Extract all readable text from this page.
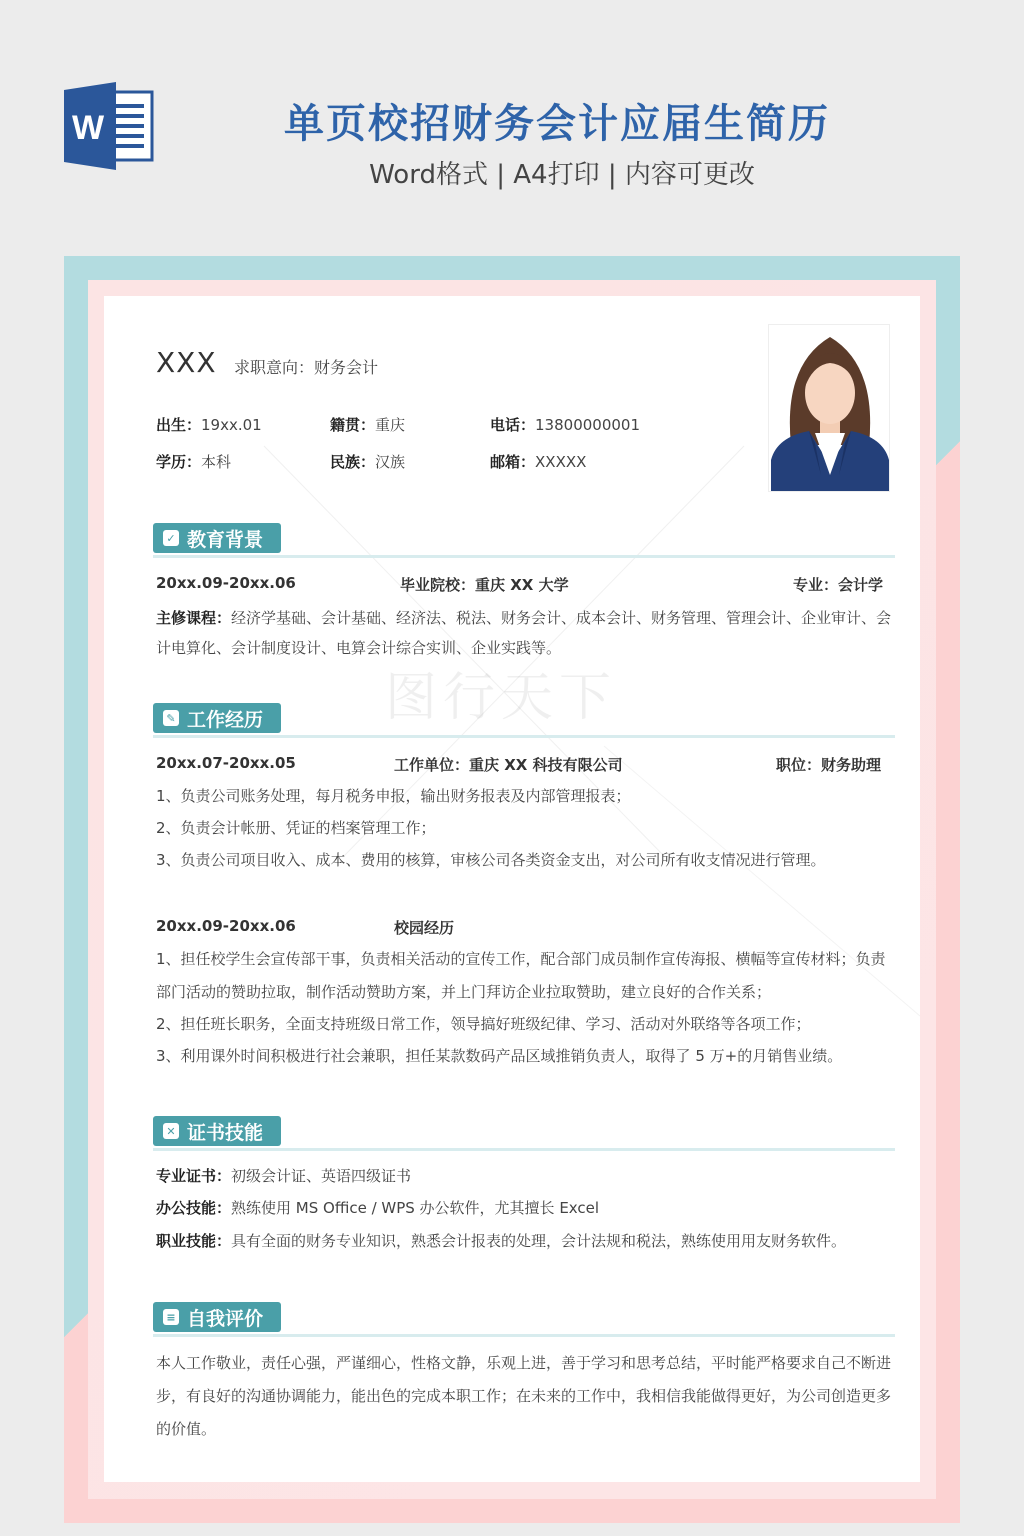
W	单页校招财务会计应届生简历
Word格式 | A4打印 | 内容可更改
图行天下
XXX 求职意向：财务会计
出生：19xx.01	籍贯：重庆	电话：13800000001
学历：本科	民族：汉族	邮箱：XXXXX
✓ 教育背景
20xx.09-20xx.06	毕业院校：重庆 XX 大学	专业：会计学
主修课程：经济学基础、会计基础、经济法、税法、财务会计、成本会计、财务管理、管理会计、企业审计、会计电算化、会计制度设计、电算会计综合实训、企业实践等。
✎ 工作经历
20xx.07-20xx.05	工作单位：重庆 XX 科技有限公司	职位：财务助理
1、负责公司账务处理，每月税务申报，输出财务报表及内部管理报表；
2、负责会计帐册、凭证的档案管理工作；
3、负责公司项目收入、成本、费用的核算，审核公司各类资金支出，对公司所有收支情况进行管理。
20xx.09-20xx.06	校园经历
1、担任校学生会宣传部干事，负责相关活动的宣传工作，配合部门成员制作宣传海报、横幅等宣传材料；负责部门活动的赞助拉取，制作活动赞助方案，并上门拜访企业拉取赞助，建立良好的合作关系；
2、担任班长职务，全面支持班级日常工作，领导搞好班级纪律、学习、活动对外联络等各项工作；
3、利用课外时间积极进行社会兼职，担任某款数码产品区域推销负责人，取得了 5 万+的月销售业绩。
✕ 证书技能
专业证书：初级会计证、英语四级证书
办公技能：熟练使用 MS Office / WPS 办公软件，尤其擅长 Excel
职业技能：具有全面的财务专业知识，熟悉会计报表的处理，会计法规和税法，熟练使用用友财务软件。
≡ 自我评价
本人工作敬业，责任心强，严谨细心，性格文静，乐观上进，善于学习和思考总结，平时能严格要求自己不断进步，有良好的沟通协调能力，能出色的完成本职工作；在未来的工作中，我相信我能做得更好，为公司创造更多的价值。
